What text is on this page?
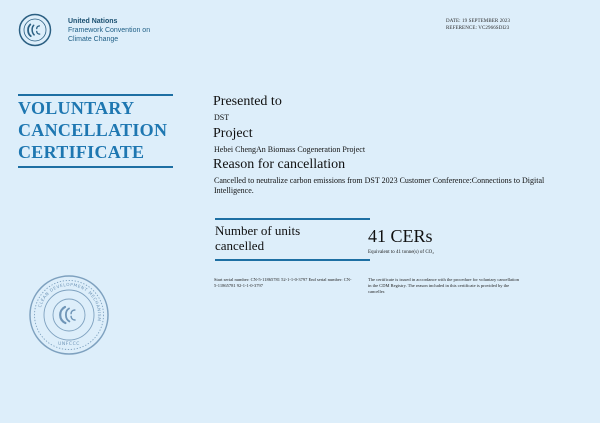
United Nations
Framework Convention on
Climate Change
DATE: 19 SEPTEMBER 2023
REFERENCE: VC2966SDI23
VOLUNTARY
CANCELLATION
CERTIFICATE
Presented to
DST
Project
Hebei ChengAn Biomass Cogeneration Project
Reason for cancellation
Cancelled to neutralize carbon emissions from DST 2023 Customer Conference:Connections to Digital Intelligence.
Number of units cancelled	41 CERs
Equivalent to 41 tonne(s) of CO₂
Start serial number: CN-5-11865781 52-1-1-0-3797 End serial number: CN-5-11865781 92-1-1-0-3797
The certificate is issued in accordance with the procedure for voluntary cancellation in the CDM Registry. The reason included in this certificate is provided by the canceller.
CLEAN DEVELOPMENT MECHANISM
UNFCCC
